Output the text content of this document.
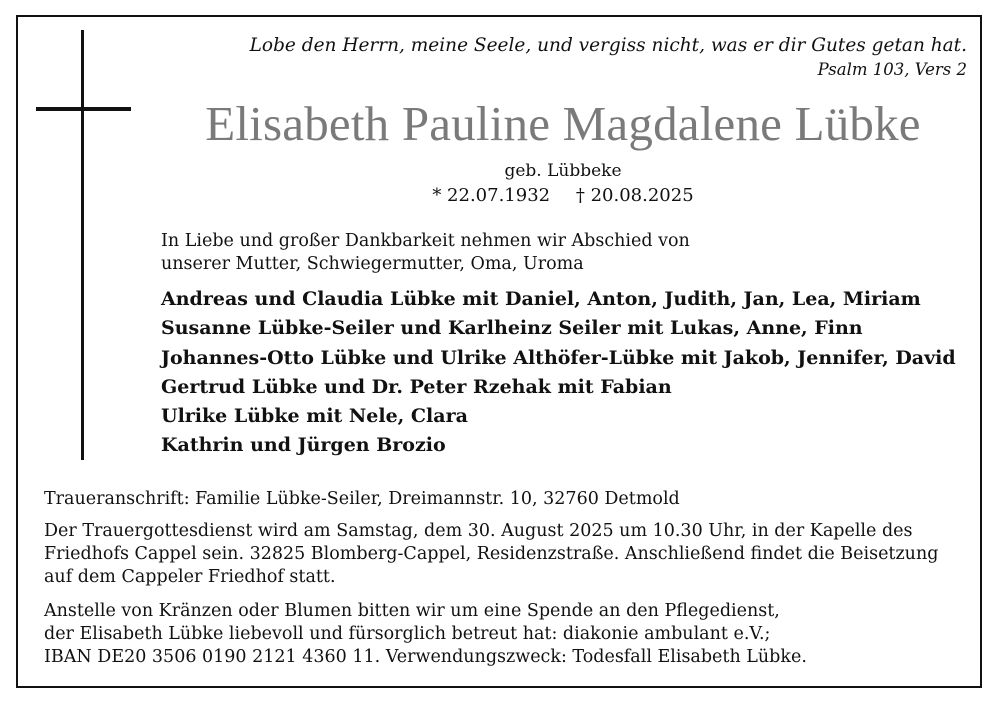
Lobe den Herrn, meine Seele, und vergiss nicht, was er dir Gutes getan hat.
Psalm 103, Vers 2
Elisabeth Pauline Magdalene Lübke
geb. Lübbeke
* 22.07.1932 † 20.08.2025
In Liebe und großer Dankbarkeit nehmen wir Abschied von
unserer Mutter, Schwiegermutter, Oma, Uroma
Andreas und Claudia Lübke mit Daniel, Anton, Judith, Jan, Lea, Miriam
Susanne Lübke-Seiler und Karlheinz Seiler mit Lukas, Anne, Finn
Johannes-Otto Lübke und Ulrike Althöfer-Lübke mit Jakob, Jennifer, David
Gertrud Lübke und Dr. Peter Rzehak mit Fabian
Ulrike Lübke mit Nele, Clara
Kathrin und Jürgen Brozio
Traueranschrift: Familie Lübke-Seiler, Dreimannstr. 10, 32760 Detmold
Der Trauergottesdienst wird am Samstag, dem 30. August 2025 um 10.30 Uhr, in der Kapelle des
Friedhofs Cappel sein. 32825 Blomberg-Cappel, Residenzstraße. Anschließend findet die Beisetzung
auf dem Cappeler Friedhof statt.
Anstelle von Kränzen oder Blumen bitten wir um eine Spende an den Pflegedienst,
der Elisabeth Lübke liebevoll und fürsorglich betreut hat: diakonie ambulant e.V.;
IBAN DE20 3506 0190 2121 4360 11. Verwendungszweck: Todesfall Elisabeth Lübke.
